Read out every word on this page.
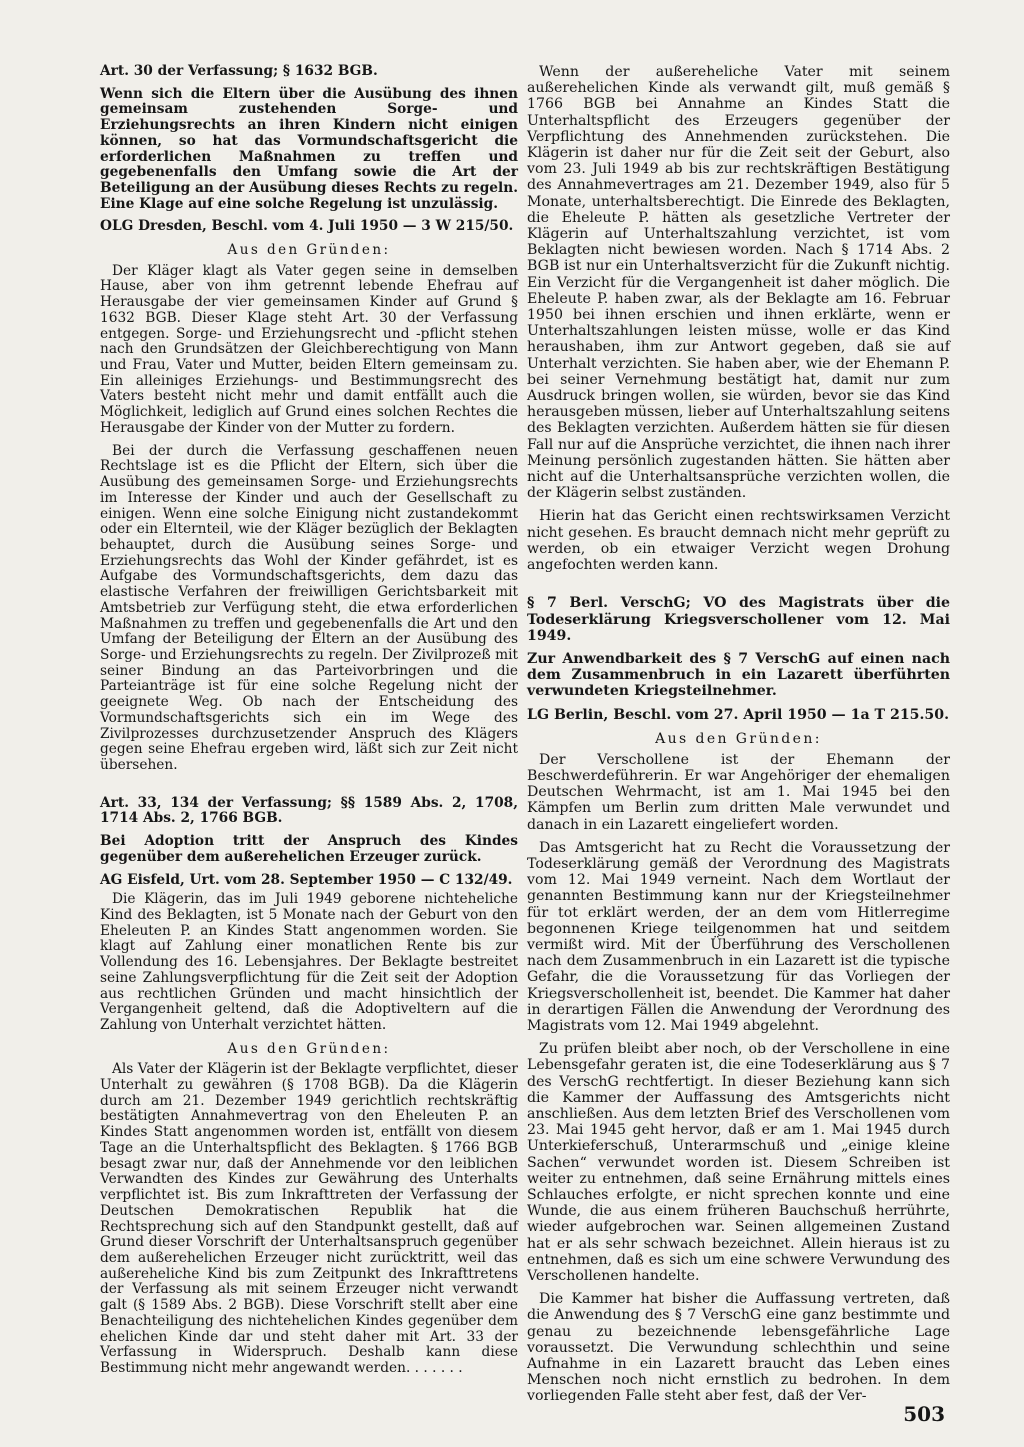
Art. 30 der Verfassung; § 1632 BGB.

Wenn sich die Eltern über die Ausübung des ihnen gemeinsam zustehenden Sorge- und Erziehungsrechts an ihren Kindern nicht einigen können, so hat das Vormundschaftsgericht die erforderlichen Maßnahmen zu treffen und gegebenenfalls den Umfang sowie die Art der Beteiligung an der Ausübung dieses Rechts zu regeln. Eine Klage auf eine solche Regelung ist unzulässig.

OLG Dresden, Beschl. vom 4. Juli 1950 — 3 W 215/50.

Aus den Gründen:

Der Kläger klagt als Vater gegen seine in demselben Hause, aber von ihm getrennt lebende Ehefrau auf Herausgabe der vier gemeinsamen Kinder auf Grund § 1632 BGB. Dieser Klage steht Art. 30 der Verfassung entgegen. Sorge- und Erziehungsrecht und -pflicht stehen nach den Grundsätzen der Gleichberechtigung von Mann und Frau, Vater und Mutter, beiden Eltern gemeinsam zu. Ein alleiniges Erziehungs- und Bestimmungsrecht des Vaters besteht nicht mehr und damit entfällt auch die Möglichkeit, lediglich auf Grund eines solchen Rechtes die Herausgabe der Kinder von der Mutter zu fordern.

Bei der durch die Verfassung geschaffenen neuen Rechtslage ist es die Pflicht der Eltern, sich über die Ausübung des gemeinsamen Sorge- und Erziehungsrechts im Interesse der Kinder und auch der Gesellschaft zu einigen. Wenn eine solche Einigung nicht zustandekommt oder ein Elternteil, wie der Kläger bezüglich der Beklagten behauptet, durch die Ausübung seines Sorge- und Erziehungsrechts das Wohl der Kinder gefährdet, ist es Aufgabe des Vormundschaftsgerichts, dem dazu das elastische Verfahren der freiwilligen Gerichtsbarkeit mit Amtsbetrieb zur Verfügung steht, die etwa erforderlichen Maßnahmen zu treffen und gegebenenfalls die Art und den Umfang der Beteiligung der Eltern an der Ausübung des Sorge- und Erziehungsrechts zu regeln. Der Zivilprozeß mit seiner Bindung an das Parteivorbringen und die Parteianträge ist für eine solche Regelung nicht der geeignete Weg. Ob nach der Entscheidung des Vormundschaftsgerichts sich ein im Wege des Zivilprozesses durchzusetzender Anspruch des Klägers gegen seine Ehefrau ergeben wird, läßt sich zur Zeit nicht übersehen.

Art. 33, 134 der Verfassung; §§ 1589 Abs. 2, 1708, 1714 Abs. 2, 1766 BGB.

Bei Adoption tritt der Anspruch des Kindes gegenüber dem außerehelichen Erzeuger zurück.

AG Eisfeld, Urt. vom 28. September 1950 — C 132/49.

Die Klägerin, das im Juli 1949 geborene nichteheliche Kind des Beklagten, ist 5 Monate nach der Geburt von den Eheleuten P. an Kindes Statt angenommen worden. Sie klagt auf Zahlung einer monatlichen Rente bis zur Vollendung des 16. Lebensjahres. Der Beklagte bestreitet seine Zahlungsverpflichtung für die Zeit seit der Adoption aus rechtlichen Gründen und macht hinsichtlich der Vergangenheit geltend, daß die Adoptiveltern auf die Zahlung von Unterhalt verzichtet hätten.

Aus den Gründen:

Als Vater der Klägerin ist der Beklagte verpflichtet, dieser Unterhalt zu gewähren (§ 1708 BGB). Da die Klägerin durch am 21. Dezember 1949 gerichtlich rechtskräftig bestätigten Annahmevertrag von den Eheleuten P. an Kindes Statt angenommen worden ist, entfällt von diesem Tage an die Unterhaltspflicht des Beklagten. § 1766 BGB besagt zwar nur, daß der Annehmende vor den leiblichen Verwandten des Kindes zur Gewährung des Unterhalts verpflichtet ist. Bis zum Inkrafttreten der Verfassung der Deutschen Demokratischen Republik hat die Rechtsprechung sich auf den Standpunkt gestellt, daß auf Grund dieser Vorschrift der Unterhaltsanspruch gegenüber dem außerehelichen Erzeuger nicht zurücktritt, weil das außereheliche Kind bis zum Zeitpunkt des Inkrafttretens der Verfassung als mit seinem Erzeuger nicht verwandt galt (§ 1589 Abs. 2 BGB). Diese Vorschrift stellt aber eine Benachteiligung des nichtehelichen Kindes gegenüber dem ehelichen Kinde dar und steht daher mit Art. 33 der Verfassung in Widerspruch. Deshalb kann diese Bestimmung nicht mehr angewandt werden. . . . . . .

Wenn der außereheliche Vater mit seinem außerehelichen Kinde als verwandt gilt, muß gemäß § 1766 BGB bei Annahme an Kindes Statt die Unterhaltspflicht des Erzeugers gegenüber der Verpflichtung des Annehmenden zurückstehen. Die Klägerin ist daher nur für die Zeit seit der Geburt, also vom 23. Juli 1949 ab bis zur rechtskräftigen Bestätigung des Annahmevertrages am 21. Dezember 1949, also für 5 Monate, unterhaltsberechtigt. Die Einrede des Beklagten, die Eheleute P. hätten als gesetzliche Vertreter der Klägerin auf Unterhaltszahlung verzichtet, ist vom Beklagten nicht bewiesen worden. Nach § 1714 Abs. 2 BGB ist nur ein Unterhaltsverzicht für die Zukunft nichtig. Ein Verzicht für die Vergangenheit ist daher möglich. Die Eheleute P. haben zwar, als der Beklagte am 16. Februar 1950 bei ihnen erschien und ihnen erklärte, wenn er Unterhaltszahlungen leisten müsse, wolle er das Kind heraushaben, ihm zur Antwort gegeben, daß sie auf Unterhalt verzichten. Sie haben aber, wie der Ehemann P. bei seiner Vernehmung bestätigt hat, damit nur zum Ausdruck bringen wollen, sie würden, bevor sie das Kind herausgeben müssen, lieber auf Unterhaltszahlung seitens des Beklagten verzichten. Außerdem hätten sie für diesen Fall nur auf die Ansprüche verzichtet, die ihnen nach ihrer Meinung persönlich zugestanden hätten. Sie hätten aber nicht auf die Unterhaltsansprüche verzichten wollen, die der Klägerin selbst zuständen.

Hierin hat das Gericht einen rechtswirksamen Verzicht nicht gesehen. Es braucht demnach nicht mehr geprüft zu werden, ob ein etwaiger Verzicht wegen Drohung angefochten werden kann.

§ 7 Berl. VerschG; VO des Magistrats über die Todeserklärung Kriegsverschollener vom 12. Mai 1949.

Zur Anwendbarkeit des § 7 VerschG auf einen nach dem Zusammenbruch in ein Lazarett überführten verwundeten Kriegsteilnehmer.

LG Berlin, Beschl. vom 27. April 1950 — 1a T 215.50.

Aus den Gründen:

Der Verschollene ist der Ehemann der Beschwerdeführerin. Er war Angehöriger der ehemaligen Deutschen Wehrmacht, ist am 1. Mai 1945 bei den Kämpfen um Berlin zum dritten Male verwundet und danach in ein Lazarett eingeliefert worden.

Das Amtsgericht hat zu Recht die Voraussetzung der Todeserklärung gemäß der Verordnung des Magistrats vom 12. Mai 1949 verneint. Nach dem Wortlaut der genannten Bestimmung kann nur der Kriegsteilnehmer für tot erklärt werden, der an dem vom Hitlerregime begonnenen Kriege teilgenommen hat und seitdem vermißt wird. Mit der Überführung des Verschollenen nach dem Zusammenbruch in ein Lazarett ist die typische Gefahr, die die Voraussetzung für das Vorliegen der Kriegsverschollenheit ist, beendet. Die Kammer hat daher in derartigen Fällen die Anwendung der Verordnung des Magistrats vom 12. Mai 1949 abgelehnt.

Zu prüfen bleibt aber noch, ob der Verschollene in eine Lebensgefahr geraten ist, die eine Todeserklärung aus § 7 des VerschG rechtfertigt. In dieser Beziehung kann sich die Kammer der Auffassung des Amtsgerichts nicht anschließen. Aus dem letzten Brief des Verschollenen vom 23. Mai 1945 geht hervor, daß er am 1. Mai 1945 durch Unterkieferschuß, Unterarmschuß und „einige kleine Sachen“ verwundet worden ist. Diesem Schreiben ist weiter zu entnehmen, daß seine Ernährung mittels eines Schlauches erfolgte, er nicht sprechen konnte und eine Wunde, die aus einem früheren Bauchschuß herrührte, wieder aufgebrochen war. Seinen allgemeinen Zustand hat er als sehr schwach bezeichnet. Allein hieraus ist zu entnehmen, daß es sich um eine schwere Verwundung des Verschollenen handelte.

Die Kammer hat bisher die Auffassung vertreten, daß die Anwendung des § 7 VerschG eine ganz bestimmte und genau zu bezeichnende lebensgefährliche Lage voraussetzt. Die Verwundung schlechthin und seine Aufnahme in ein Lazarett braucht das Leben eines Menschen noch nicht ernstlich zu bedrohen. In dem vorliegenden Falle steht aber fest, daß der Ver-

503
